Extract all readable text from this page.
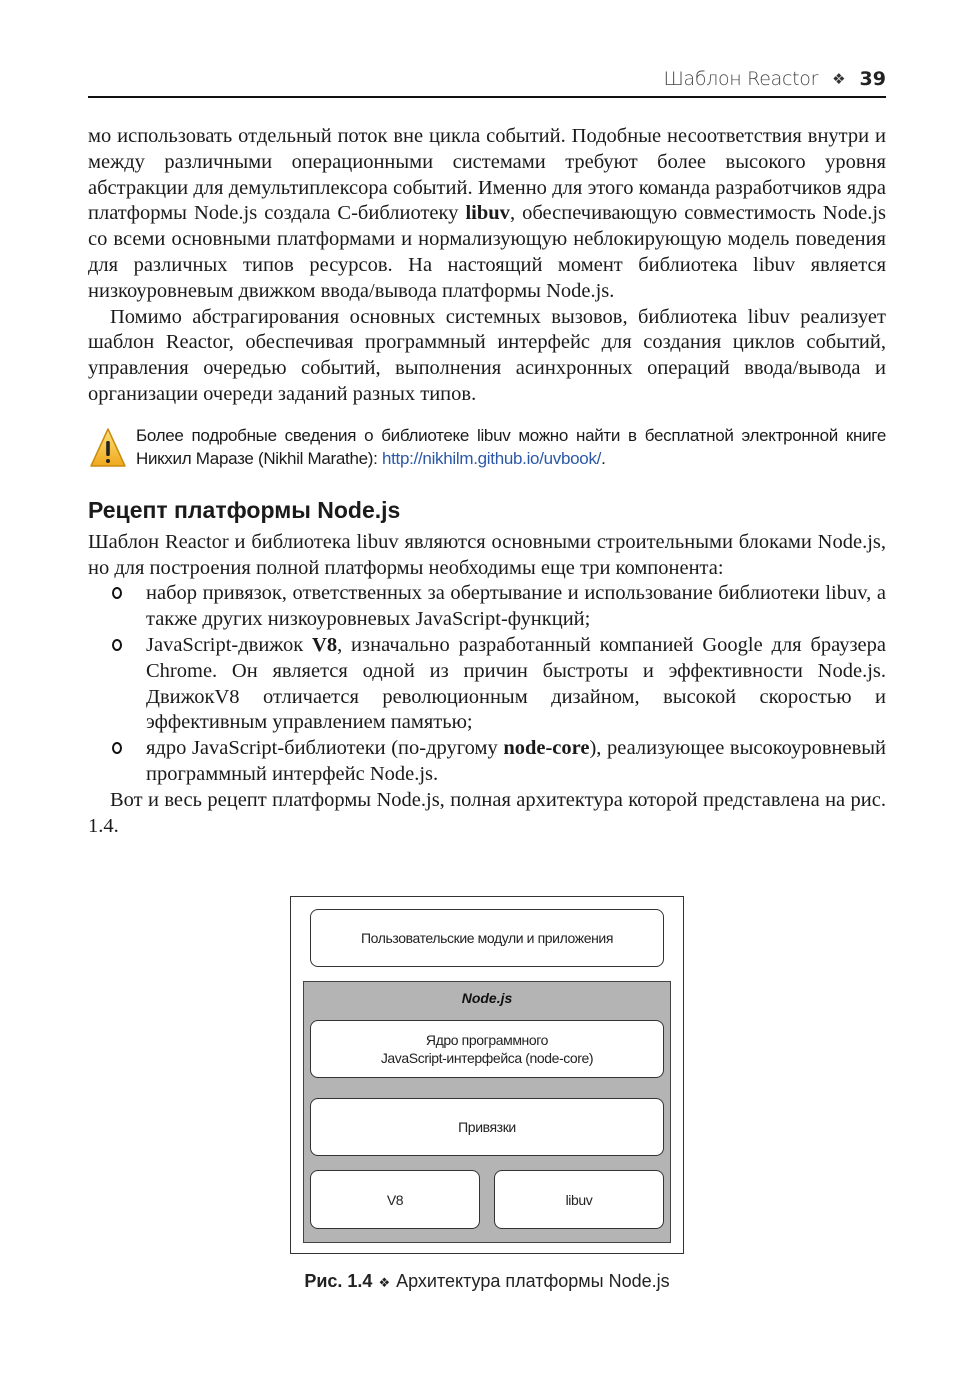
Шаблон Reactor ❖ 39

мо использовать отдельный поток вне цикла событий. Подобные несоответствия внутри и между различными операционными системами требуют более высокого уровня абстракции для демультиплексора событий. Именно для этого команда разработчиков ядра платформы Node.js создала C-библиотеку libuv, обеспечивающую совместимость Node.js со всеми основными платформами и нормализующую неблокирующую модель поведения для различных типов ресурсов. На настоящий момент библиотека libuv является низкоуровневым движком ввода/вывода платформы Node.js.

Помимо абстрагирования основных системных вызовов, библиотека libuv реализует шаблон Reactor, обеспечивая программный интерфейс для создания циклов событий, управления очередью событий, выполнения асинхронных операций ввода/вывода и организации очереди заданий разных типов.

Более подробные сведения о библиотеке libuv можно найти в бесплатной электронной книге Никхил Маразе (Nikhil Marathe): http://nikhilm.github.io/uvbook/.
Рецепт платформы Node.js

Шаблон Reactor и библиотека libuv являются основными строительными блоками Node.js, но для построения полной платформы необходимы еще три компонента:

набор привязок, ответственных за обертывание и использование библиотеки libuv, а также других низкоуровневых JavaScript-функций;
JavaScript-движок V8, изначально разработанный компанией Google для браузера Chrome. Он является одной из причин быстроты и эффективности Node.js. ДвижокV8 отличается революционным дизайном, высокой скоростью и эффективным управлением памятью;
ядро JavaScript-библиотеки (по-другому node-core), реализующее высокоуровневый программный интерфейс Node.js.

Вот и весь рецепт платформы Node.js, полная архитектура которой представлена на рис. 1.4.

Пользовательские модули и приложения
Node.js
Ядро программного
JavaScript-интерфейса (node-core)
Привязки
V8	libuv
Рис. 1.4 ❖ Архитектура платформы Node.js
